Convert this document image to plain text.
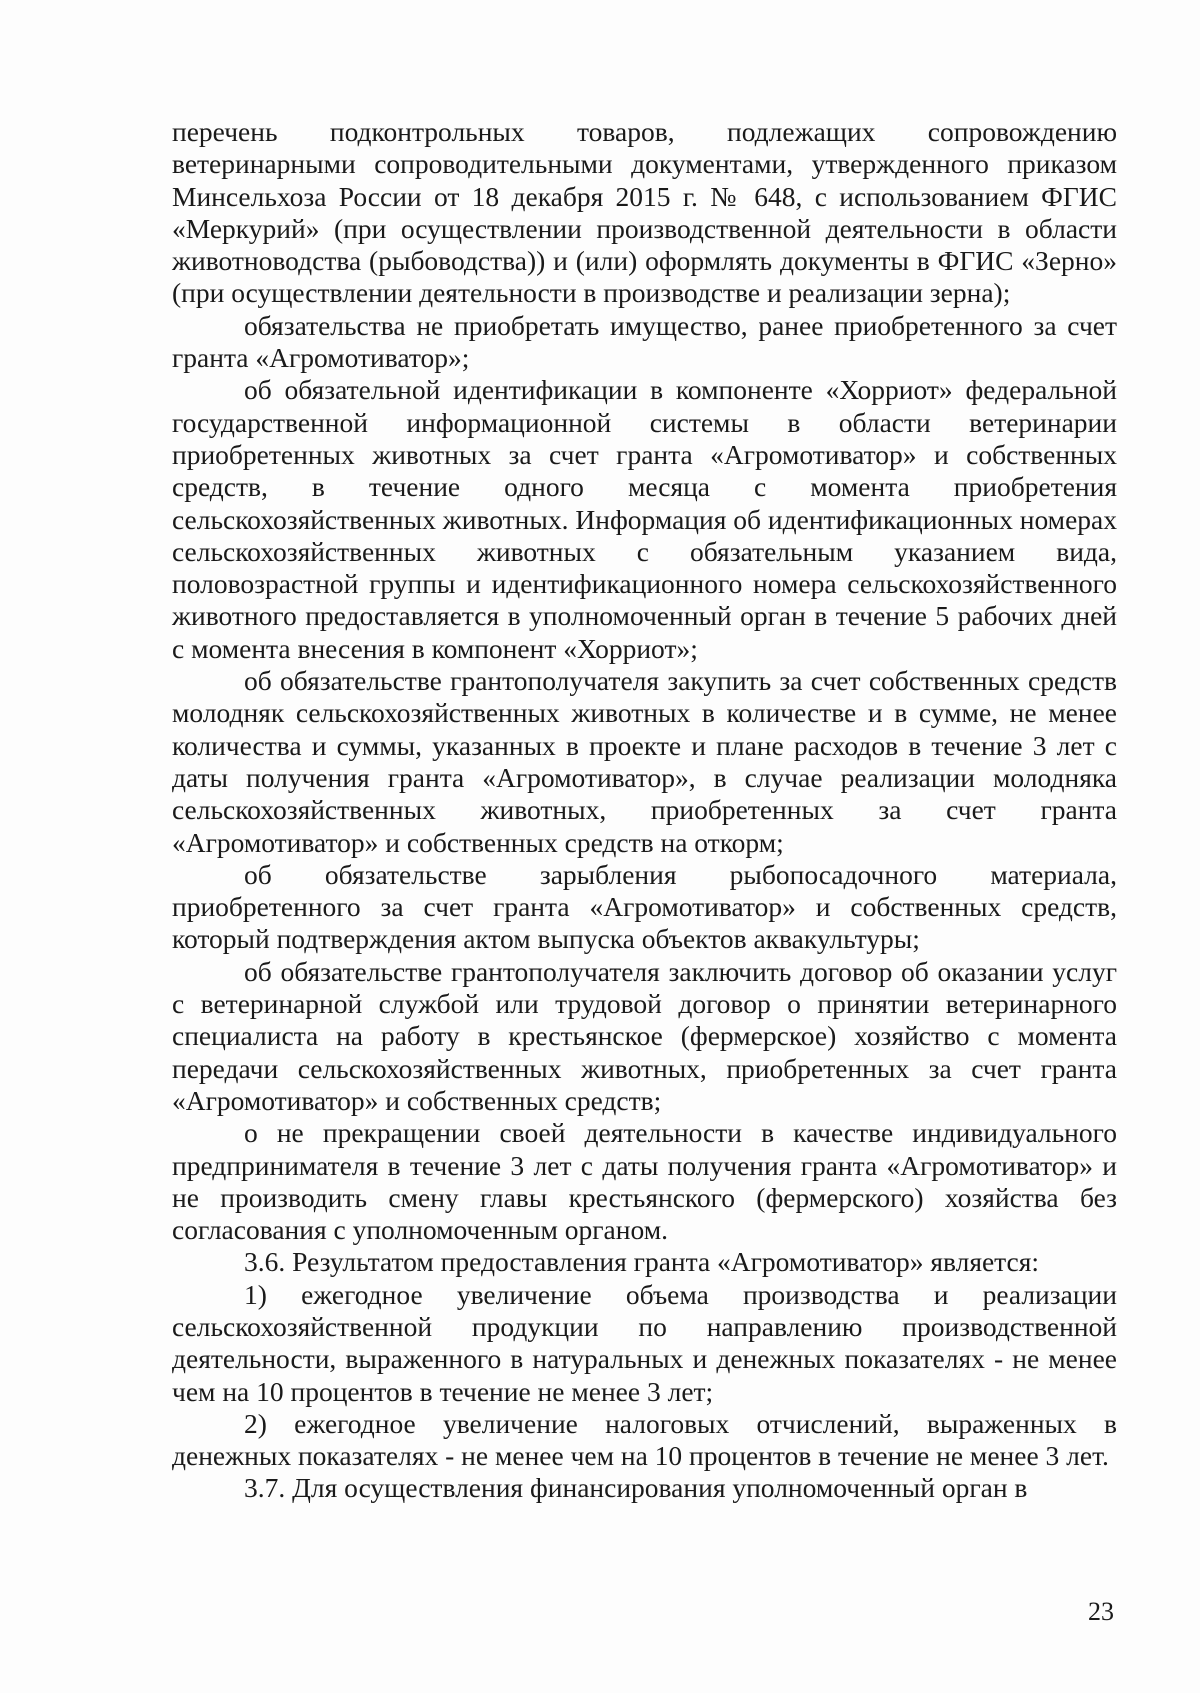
перечень подконтрольных товаров, подлежащих сопровождению ветеринарными сопроводительными документами, утвержденного приказом Минсельхоза России от 18 декабря 2015 г. № 648, с использованием ФГИС «Меркурий» (при осуществлении производственной деятельности в области животноводства (рыбоводства)) и (или) оформлять документы в ФГИС «Зерно» (при осуществлении деятельности в производстве и реализации зерна);

обязательства не приобретать имущество, ранее приобретенного за счет гранта «Агромотиватор»;

об обязательной идентификации в компоненте «Хорриот» федеральной государственной информационной системы в области ветеринарии приобретенных животных за счет гранта «Агромотиватор» и собственных средств, в течение одного месяца с момента приобретения сельскохозяйственных животных. Информация об идентификационных номерах сельскохозяйственных животных с обязательным указанием вида, половозрастной группы и идентификационного номера сельскохозяйственного животного предоставляется в уполномоченный орган в течение 5 рабочих дней с момента внесения в компонент «Хорриот»;

об обязательстве грантополучателя закупить за счет собственных средств молодняк сельскохозяйственных животных в количестве и в сумме, не менее количества и суммы, указанных в проекте и плане расходов в течение 3 лет с даты получения гранта «Агромотиватор», в случае реализации молодняка сельскохозяйственных животных, приобретенных за счет гранта «Агромотиватор» и собственных средств на откорм;

об обязательстве зарыбления рыбопосадочного материала, приобретенного за счет гранта «Агромотиватор» и собственных средств, который подтверждения актом выпуска объектов аквакультуры;

об обязательстве грантополучателя заключить договор об оказании услуг с ветеринарной службой или трудовой договор о принятии ветеринарного специалиста на работу в крестьянское (фермерское) хозяйство с момента передачи сельскохозяйственных животных, приобретенных за счет гранта «Агромотиватор» и собственных средств;

о не прекращении своей деятельности в качестве индивидуального предпринимателя в течение 3 лет с даты получения гранта «Агромотиватор» и не производить смену главы крестьянского (фермерского) хозяйства без согласования с уполномоченным органом.

3.6. Результатом предоставления гранта «Агромотиватор» является:

1) ежегодное увеличение объема производства и реализации сельскохозяйственной продукции по направлению производственной деятельности, выраженного в натуральных и денежных показателях - не менее чем на 10 процентов в течение не менее 3 лет;

2) ежегодное увеличение налоговых отчислений, выраженных в денежных показателях - не менее чем на 10 процентов в течение не менее 3 лет.

3.7. Для осуществления финансирования уполномоченный орган в

23
